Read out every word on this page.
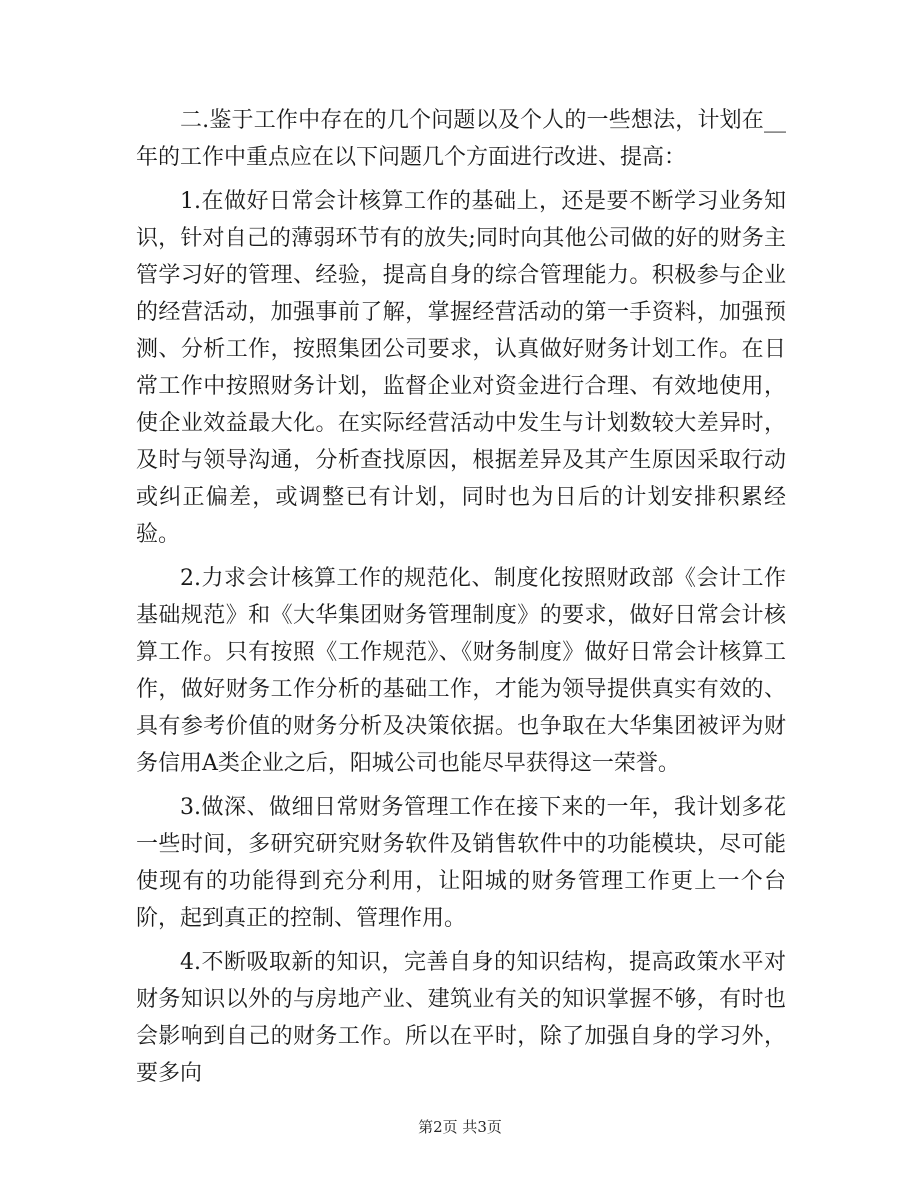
二.鉴于工作中存在的几个问题以及个人的一些想法，计划在__年的工作中重点应在以下问题几个方面进行改进、提高：

1.在做好日常会计核算工作的基础上，还是要不断学习业务知识，针对自己的薄弱环节有的放失;同时向其他公司做的好的财务主管学习好的管理、经验，提高自身的综合管理能力。积极参与企业的经营活动，加强事前了解，掌握经营活动的第一手资料，加强预测、分析工作，按照集团公司要求，认真做好财务计划工作。在日常工作中按照财务计划，监督企业对资金进行合理、有效地使用，使企业效益最大化。在实际经营活动中发生与计划数较大差异时，及时与领导沟通，分析查找原因，根据差异及其产生原因采取行动或纠正偏差，或调整已有计划，同时也为日后的计划安排积累经验。

2.力求会计核算工作的规范化、制度化按照财政部《会计工作基础规范》和《大华集团财务管理制度》的要求，做好日常会计核算工作。只有按照《工作规范》、《财务制度》做好日常会计核算工作，做好财务工作分析的基础工作，才能为领导提供真实有效的、具有参考价值的财务分析及决策依据。也争取在大华集团被评为财务信用A类企业之后，阳城公司也能尽早获得这一荣誉。

3.做深、做细日常财务管理工作在接下来的一年，我计划多花一些时间，多研究研究财务软件及销售软件中的功能模块，尽可能使现有的功能得到充分利用，让阳城的财务管理工作更上一个台阶，起到真正的控制、管理作用。

4.不断吸取新的知识，完善自身的知识结构，提高政策水平对财务知识以外的与房地产业、建筑业有关的知识掌握不够，有时也会影响到自己的财务工作。所以在平时，除了加强自身的学习外，要多向

第2页 共3页
